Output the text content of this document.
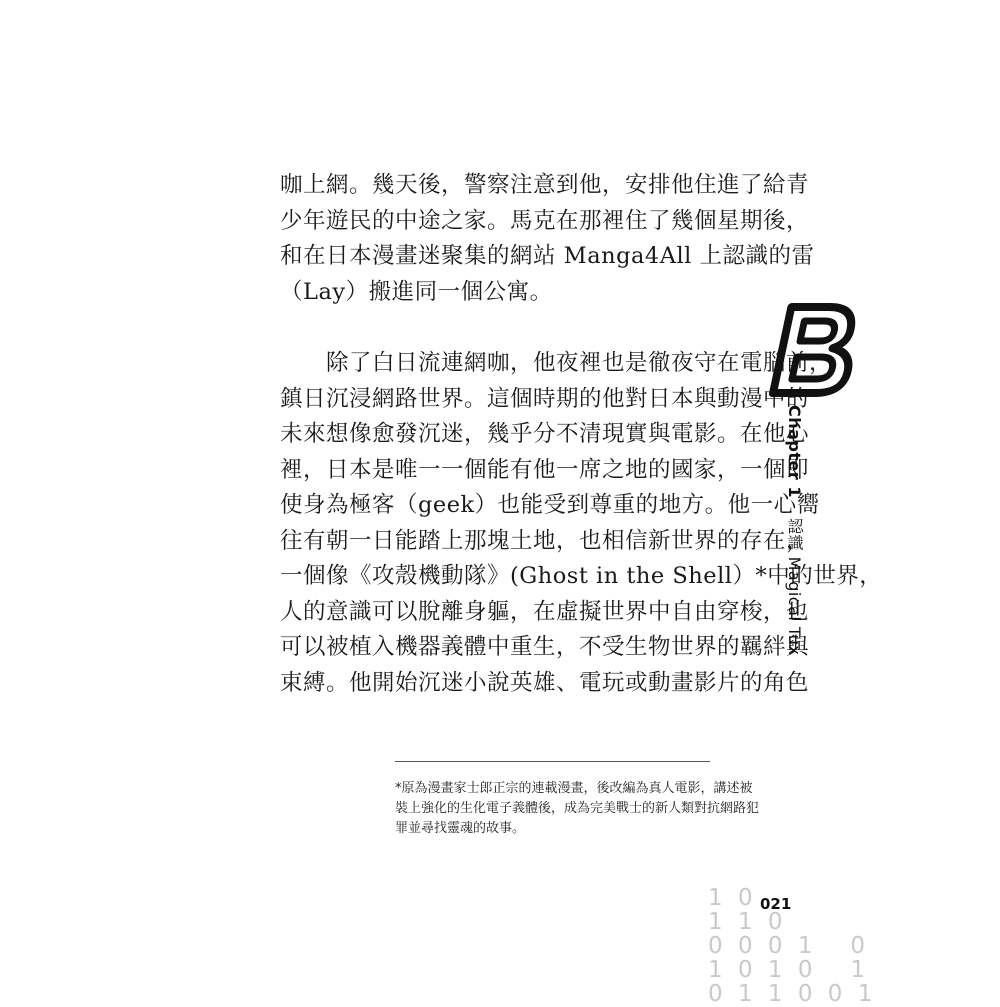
咖上網。幾天後，警察注意到他，安排他住進了給青
少年遊民的中途之家。馬克在那裡住了幾個星期後，
和在日本漫畫迷聚集的網站 Manga4All 上認識的雷
（Lay）搬進同一個公寓。
　　除了白日流連網咖，他夜裡也是徹夜守在電腦前，
鎮日沉浸網路世界。這個時期的他對日本與動漫中的
未來想像愈發沉迷，幾乎分不清現實與電影。在他心
裡，日本是唯一一個能有他一席之地的國家，一個即
使身為極客（geek）也能受到尊重的地方。他一心嚮
往有朝一日能踏上那塊土地，也相信新世界的存在，
一個像《攻殼機動隊》(Ghost in the Shell）*中的世界，
人的意識可以脫離身軀，在虛擬世界中自由穿梭，也
可以被植入機器義體中重生，不受生物世界的羈絆與
束縛。他開始沉迷小說英雄、電玩或動畫影片的角色
*原為漫畫家士郎正宗的連載漫畫，後改編為真人電影，講述被
裝上強化的生化電子義體後，成為完美戰士的新人類對抗網路犯
罪並尋找靈魂的故事。
B
Chapter 1 認識 Magical Tux
021
1 0
1 1 0
0 0 0 1   0
1 0 1 0   1
0 1 1 0 0 1
